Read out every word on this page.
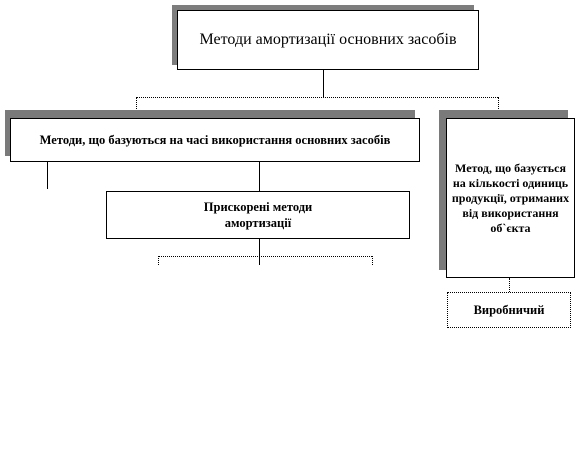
Методи амортизації основних засобів
Методи, що базуються на часі використання основних засобів
Прискорені методи амортизації
Метод, що базується на кількості одиниць продукції, отриманих від використання об`єкта
Виробничий
